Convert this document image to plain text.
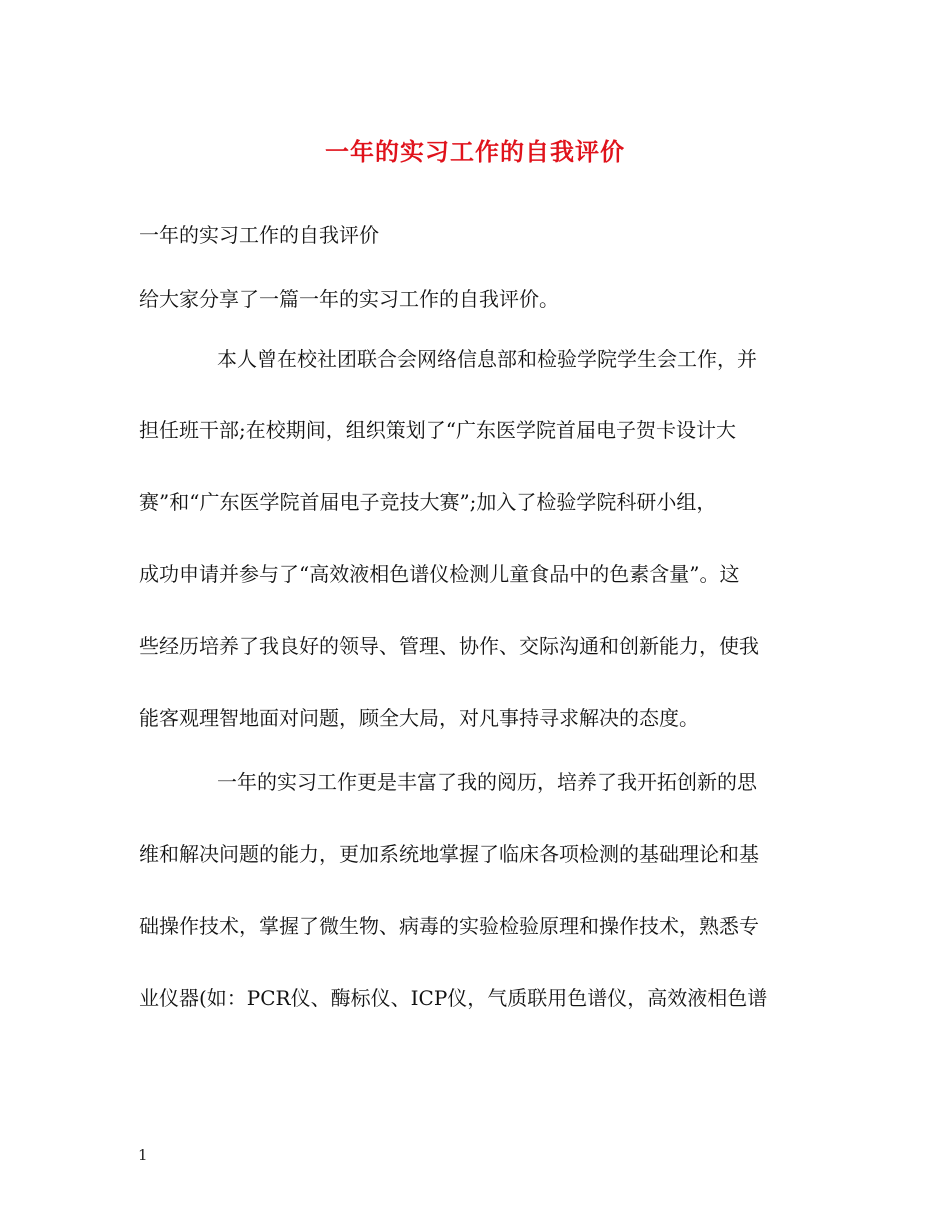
一年的实习工作的自我评价
一年的实习工作的自我评价
给大家分享了一篇一年的实习工作的自我评价。
本人曾在校社团联合会网络信息部和检验学院学生会工作，并
担任班干部;在校期间，组织策划了“广东医学院首届电子贺卡设计大
赛”和“广东医学院首届电子竞技大赛”;加入了检验学院科研小组，
成功申请并参与了“高效液相色谱仪检测儿童食品中的色素含量”。这
些经历培养了我良好的领导、管理、协作、交际沟通和创新能力，使我
能客观理智地面对问题，顾全大局，对凡事持寻求解决的态度。
一年的实习工作更是丰富了我的阅历，培养了我开拓创新的思
维和解决问题的能力，更加系统地掌握了临床各项检测的基础理论和基
础操作技术，掌握了微生物、病毒的实验检验原理和操作技术，熟悉专
业仪器(如：PCR仪、酶标仪、ICP仪，气质联用色谱仪，高效液相色谱
1
